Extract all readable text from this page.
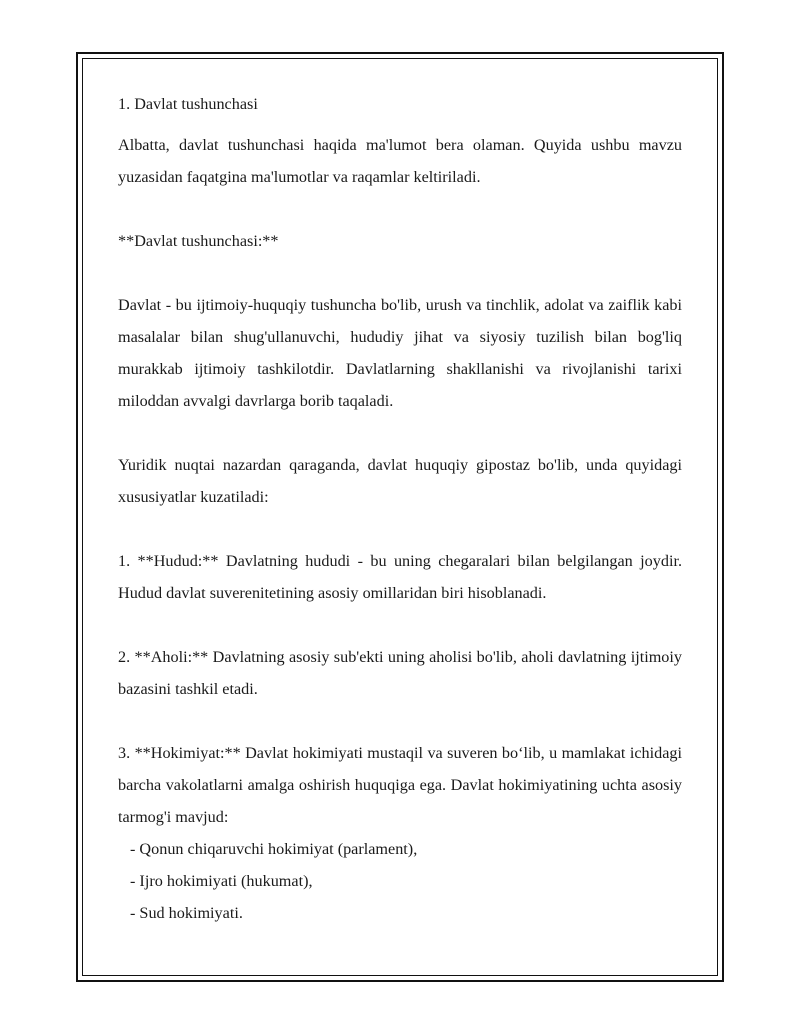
1. Davlat tushunchasi

Albatta, davlat tushunchasi haqida ma'lumot bera olaman. Quyida ushbu mavzu yuzasidan faqatgina ma'lumotlar va raqamlar keltiriladi.

**Davlat tushunchasi:**

Davlat - bu ijtimoiy-huquqiy tushuncha bo'lib, urush va tinchlik, adolat va zaiflik kabi masalalar bilan shug'ullanuvchi, hududiy jihat va siyosiy tuzilish bilan bog'liq murakkab ijtimoiy tashkilotdir. Davlatlarning shakllanishi va rivojlanishi tarixi miloddan avvalgi davrlarga borib taqaladi.

Yuridik nuqtai nazardan qaraganda, davlat huquqiy gipostaz bo'lib, unda quyidagi xususiyatlar kuzatiladi:

1. **Hudud:** Davlatning hududi - bu uning chegaralari bilan belgilangan joydir. Hudud davlat suverenitetining asosiy omillaridan biri hisoblanadi.

2. **Aholi:** Davlatning asosiy sub'ekti uning aholisi bo'lib, aholi davlatning ijtimoiy bazasini tashkil etadi.

3. **Hokimiyat:** Davlat hokimiyati mustaqil va suveren bo‘lib, u mamlakat ichidagi barcha vakolatlarni amalga oshirish huquqiga ega. Davlat hokimiyatining uchta asosiy tarmog'i mavjud:

- Qonun chiqaruvchi hokimiyat (parlament),

- Ijro hokimiyati (hukumat),

- Sud hokimiyati.
